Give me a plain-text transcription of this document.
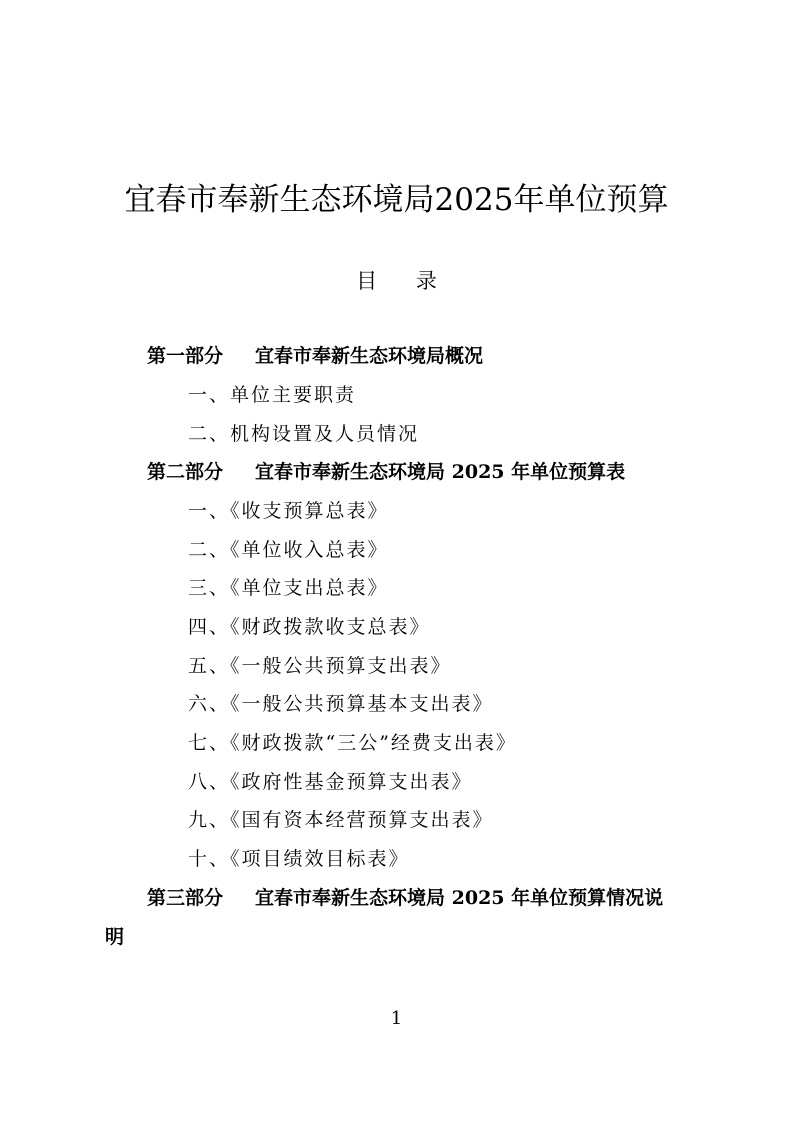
宜春市奉新生态环境局2025年单位预算
目 录
第一部分 宜春市奉新生态环境局概况
一、单位主要职责
二、机构设置及人员情况
第二部分 宜春市奉新生态环境局 2025 年单位预算表
一、《收支预算总表》
二、《单位收入总表》
三、《单位支出总表》
四、《财政拨款收支总表》
五、《一般公共预算支出表》
六、《一般公共预算基本支出表》
七、《财政拨款“三公”经费支出表》
八、《政府性基金预算支出表》
九、《国有资本经营预算支出表》
十、《项目绩效目标表》
第三部分 宜春市奉新生态环境局 2025 年单位预算情况说
明
1
